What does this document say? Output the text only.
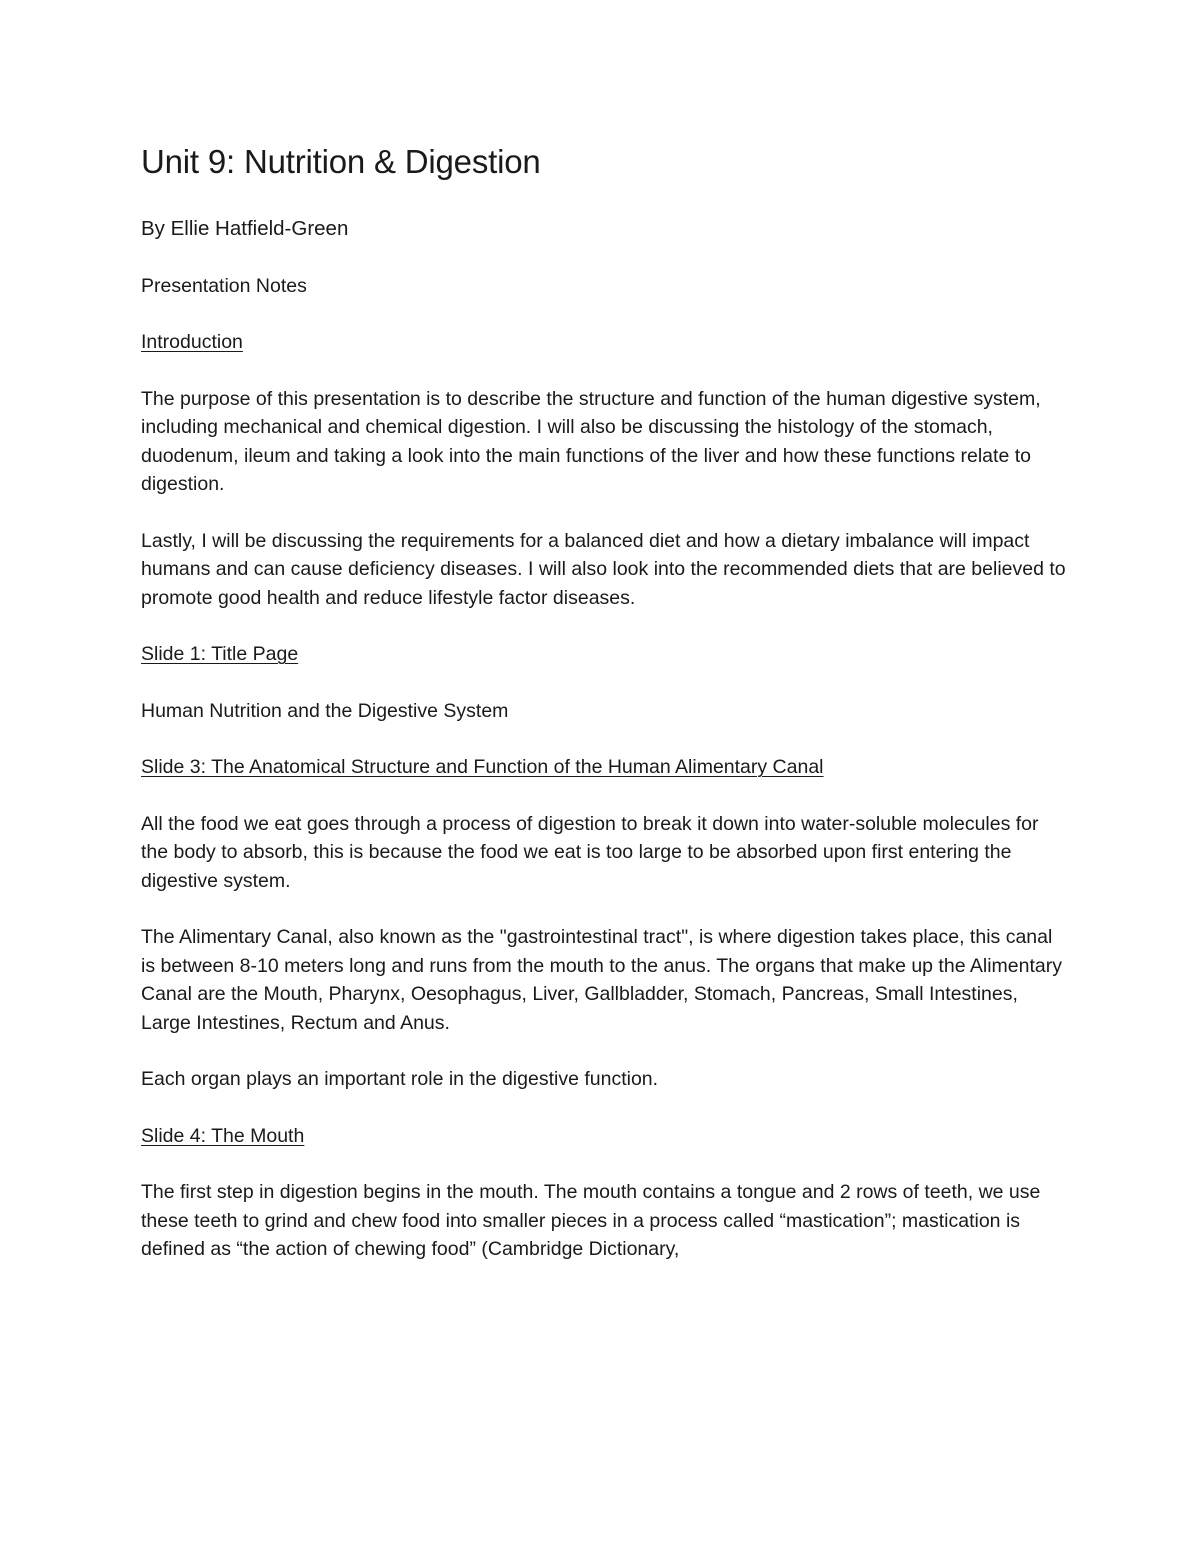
Unit 9: Nutrition & Digestion
By Ellie Hatfield-Green

Presentation Notes

Introduction

The purpose of this presentation is to describe the structure and function of the human digestive system, including mechanical and chemical digestion. I will also be discussing the histology of the stomach, duodenum, ileum and taking a look into the main functions of the liver and how these functions relate to digestion.

Lastly, I will be discussing the requirements for a balanced diet and how a dietary imbalance will impact humans and can cause deficiency diseases. I will also look into the recommended diets that are believed to promote good health and reduce lifestyle factor diseases.

Slide 1: Title Page

Human Nutrition and the Digestive System

Slide 3: The Anatomical Structure and Function of the Human Alimentary Canal

All the food we eat goes through a process of digestion to break it down into water-soluble molecules for the body to absorb, this is because the food we eat is too large to be absorbed upon first entering the digestive system.

The Alimentary Canal, also known as the "gastrointestinal tract", is where digestion takes place, this canal is between 8-10 meters long and runs from the mouth to the anus. The organs that make up the Alimentary Canal are the Mouth, Pharynx, Oesophagus, Liver, Gallbladder, Stomach, Pancreas, Small Intestines, Large Intestines, Rectum and Anus.

Each organ plays an important role in the digestive function.

Slide 4: The Mouth

The first step in digestion begins in the mouth. The mouth contains a tongue and 2 rows of teeth, we use these teeth to grind and chew food into smaller pieces in a process called “mastication”; mastication is defined as “the action of chewing food” (Cambridge Dictionary,
